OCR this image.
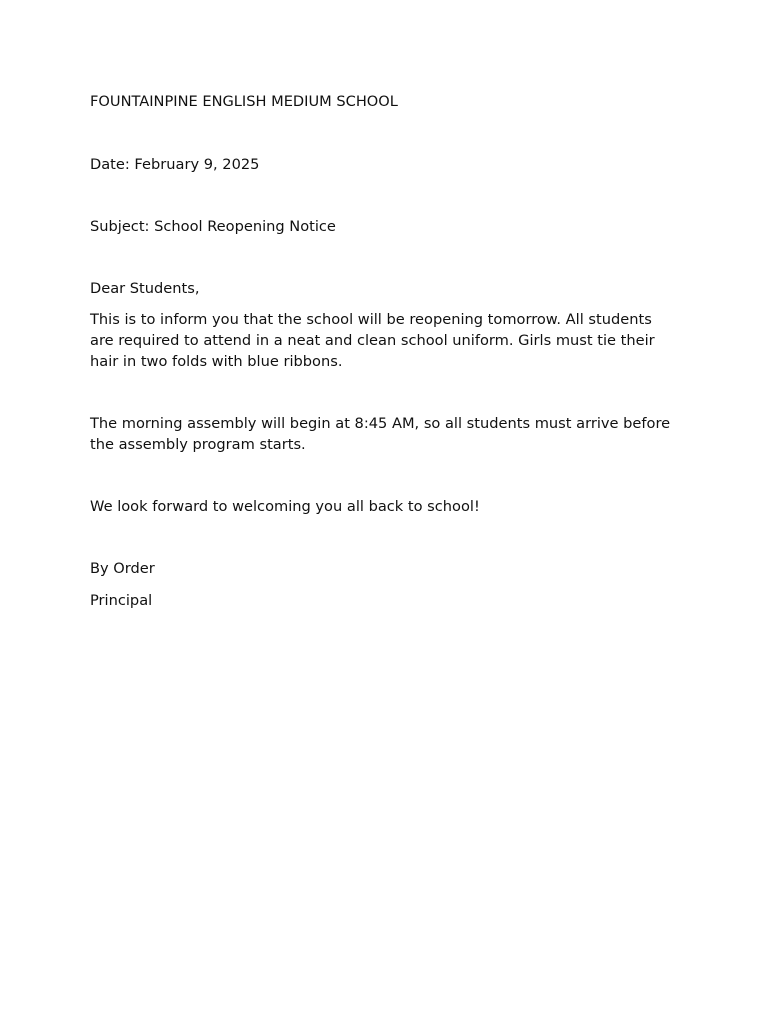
FOUNTAINPINE ENGLISH MEDIUM SCHOOL

Date: February 9, 2025

Subject: School Reopening Notice

Dear Students,

This is to inform you that the school will be reopening tomorrow. All students are required to attend in a neat and clean school uniform. Girls must tie their hair in two folds with blue ribbons.

The morning assembly will begin at 8:45 AM, so all students must arrive before the assembly program starts.

We look forward to welcoming you all back to school!

By Order

Principal
